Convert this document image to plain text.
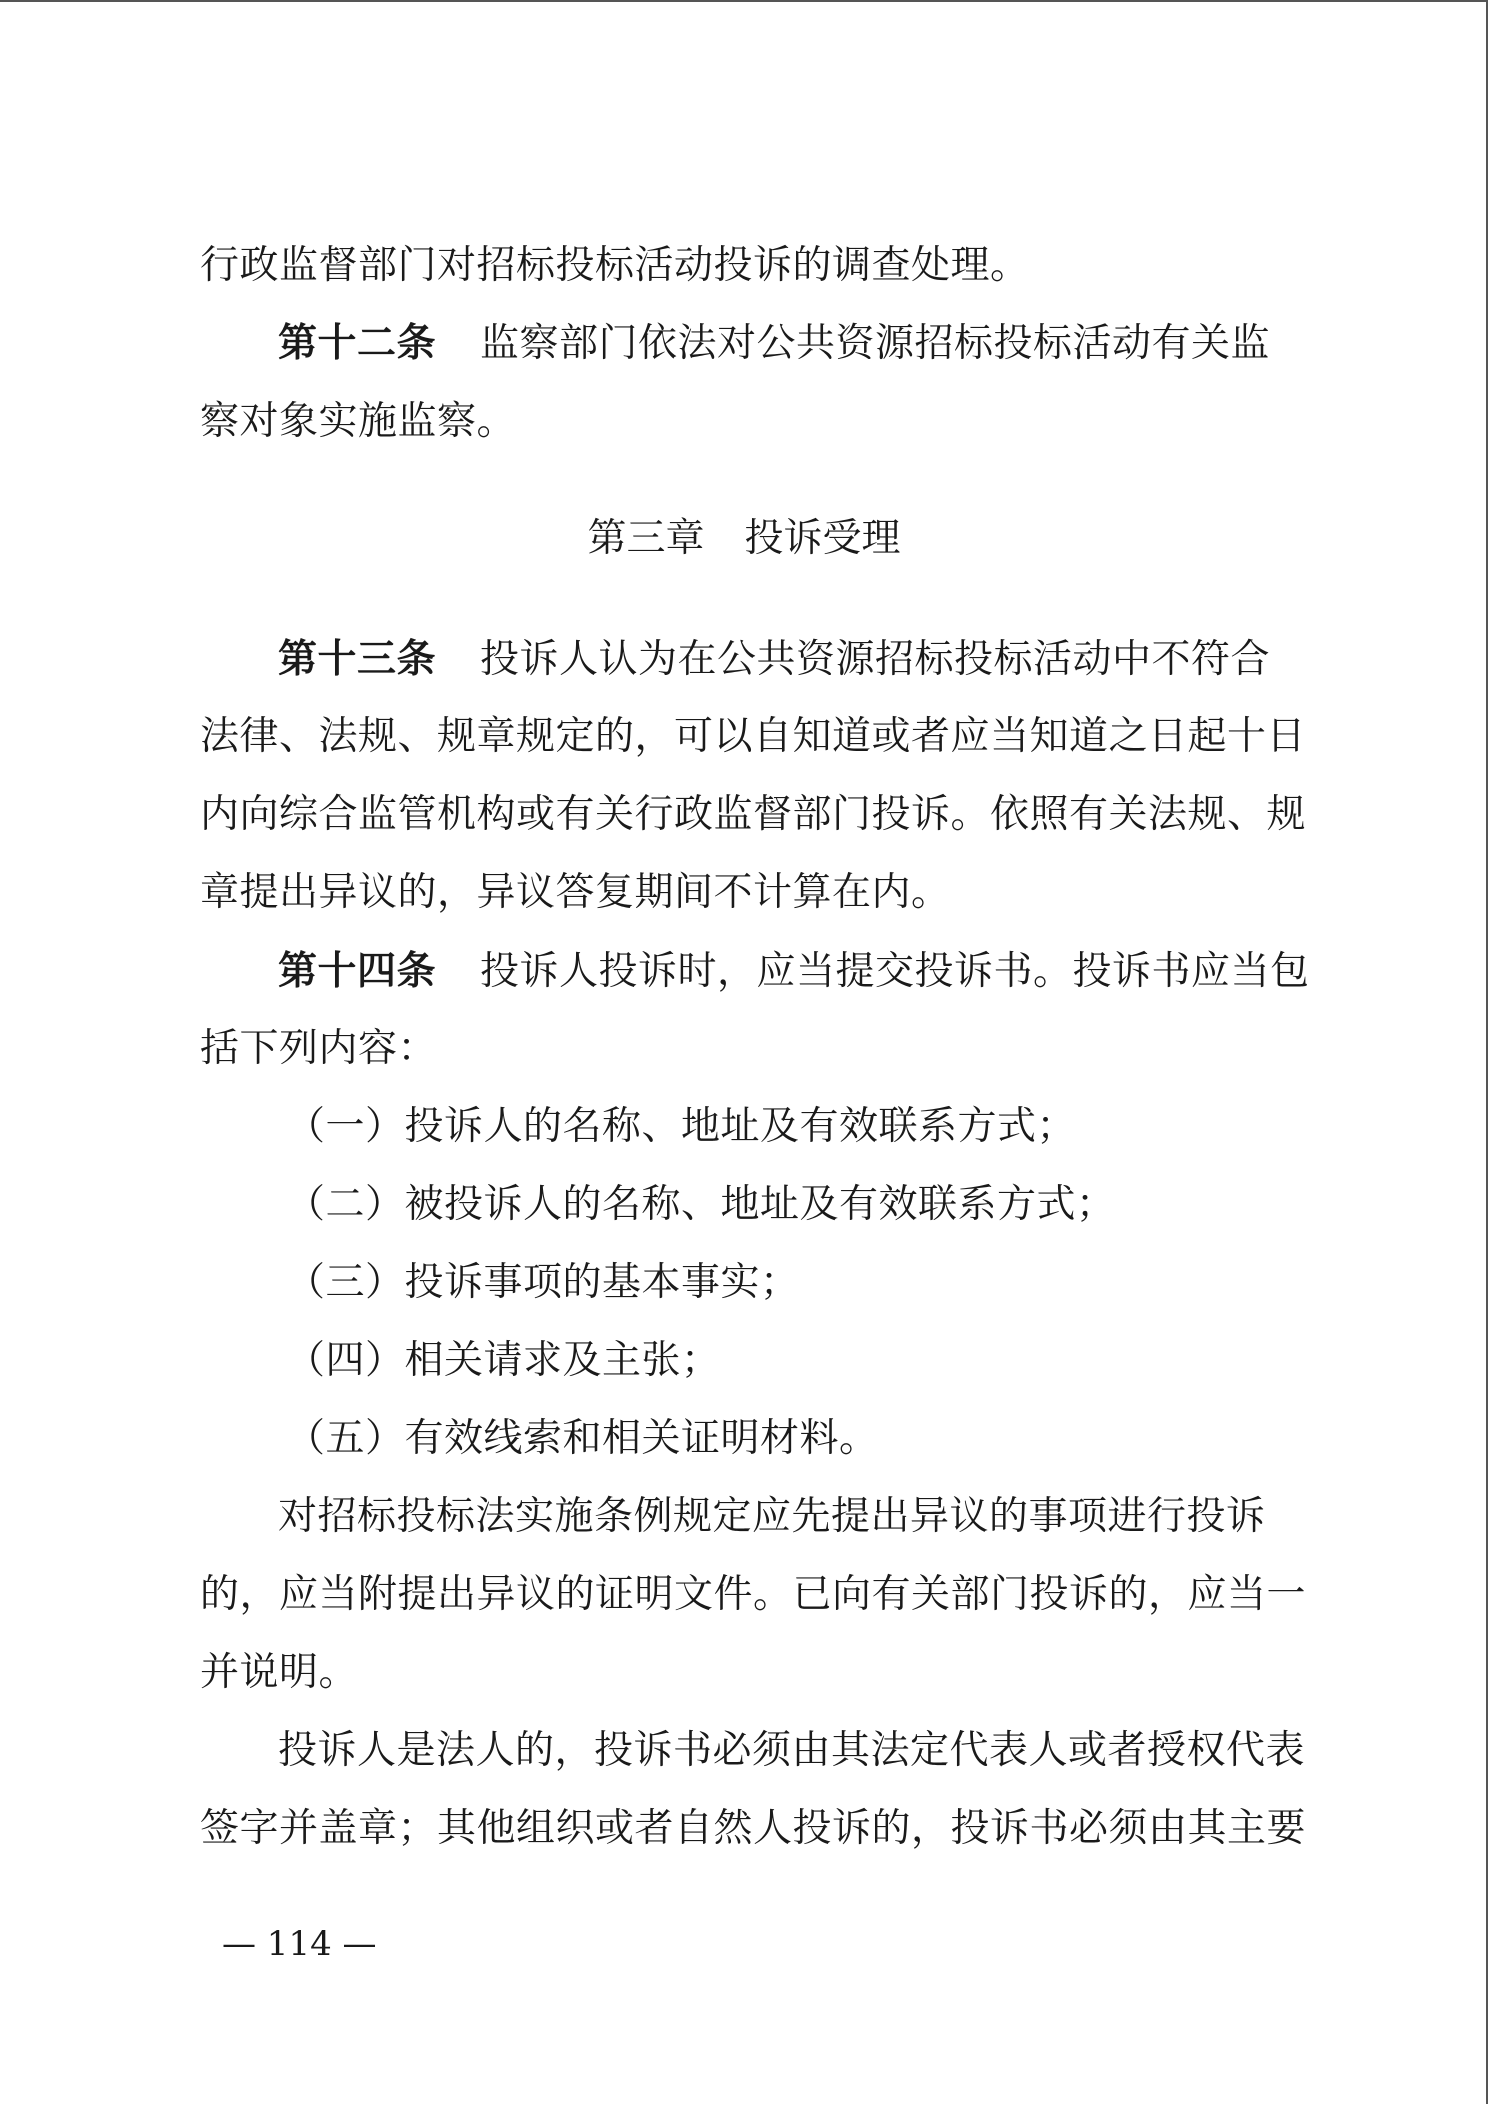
行政监督部门对招标投标活动投诉的调查处理。
第十二条 监察部门依法对公共资源招标投标活动有关监
察对象实施监察。
第三章 投诉受理
第十三条 投诉人认为在公共资源招标投标活动中不符合
法律、法规、规章规定的，可以自知道或者应当知道之日起十日
内向综合监管机构或有关行政监督部门投诉。依照有关法规、规
章提出异议的，异议答复期间不计算在内。
第十四条 投诉人投诉时，应当提交投诉书。投诉书应当包
括下列内容：
（一）投诉人的名称、地址及有效联系方式；
（二）被投诉人的名称、地址及有效联系方式；
（三）投诉事项的基本事实；
（四）相关请求及主张；
（五）有效线索和相关证明材料。
对招标投标法实施条例规定应先提出异议的事项进行投诉
的，应当附提出异议的证明文件。已向有关部门投诉的，应当一
并说明。
投诉人是法人的，投诉书必须由其法定代表人或者授权代表
签字并盖章；其他组织或者自然人投诉的，投诉书必须由其主要
— 114 —
